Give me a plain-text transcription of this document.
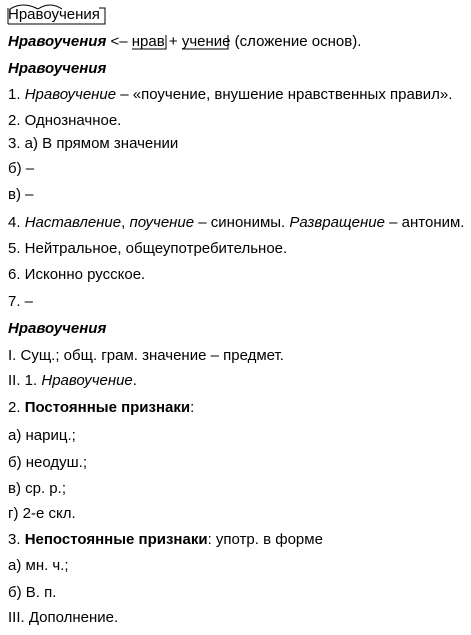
Нравоучения
Нравоучения <– нрав + учение (сложение основ).
Нравоучения
1. Нравоучение – «поучение, внушение нравственных правил».
2. Однозначное.
3. а) В прямом значении
б) –
в) –
4. Наставление, поучение – синонимы. Развращение – антоним.
5. Нейтральное, общеупотребительное.
6. Исконно русское.
7. –
Нравоучения
I. Сущ.; общ. грам. значение – предмет.
II. 1. Нравоучение.
2. Постоянные признаки:
а) нариц.;
б) неодуш.;
в) ср. р.;
г) 2-е скл.
3. Непостоянные признаки: употр. в форме
а) мн. ч.;
б) В. п.
III. Дополнение.
